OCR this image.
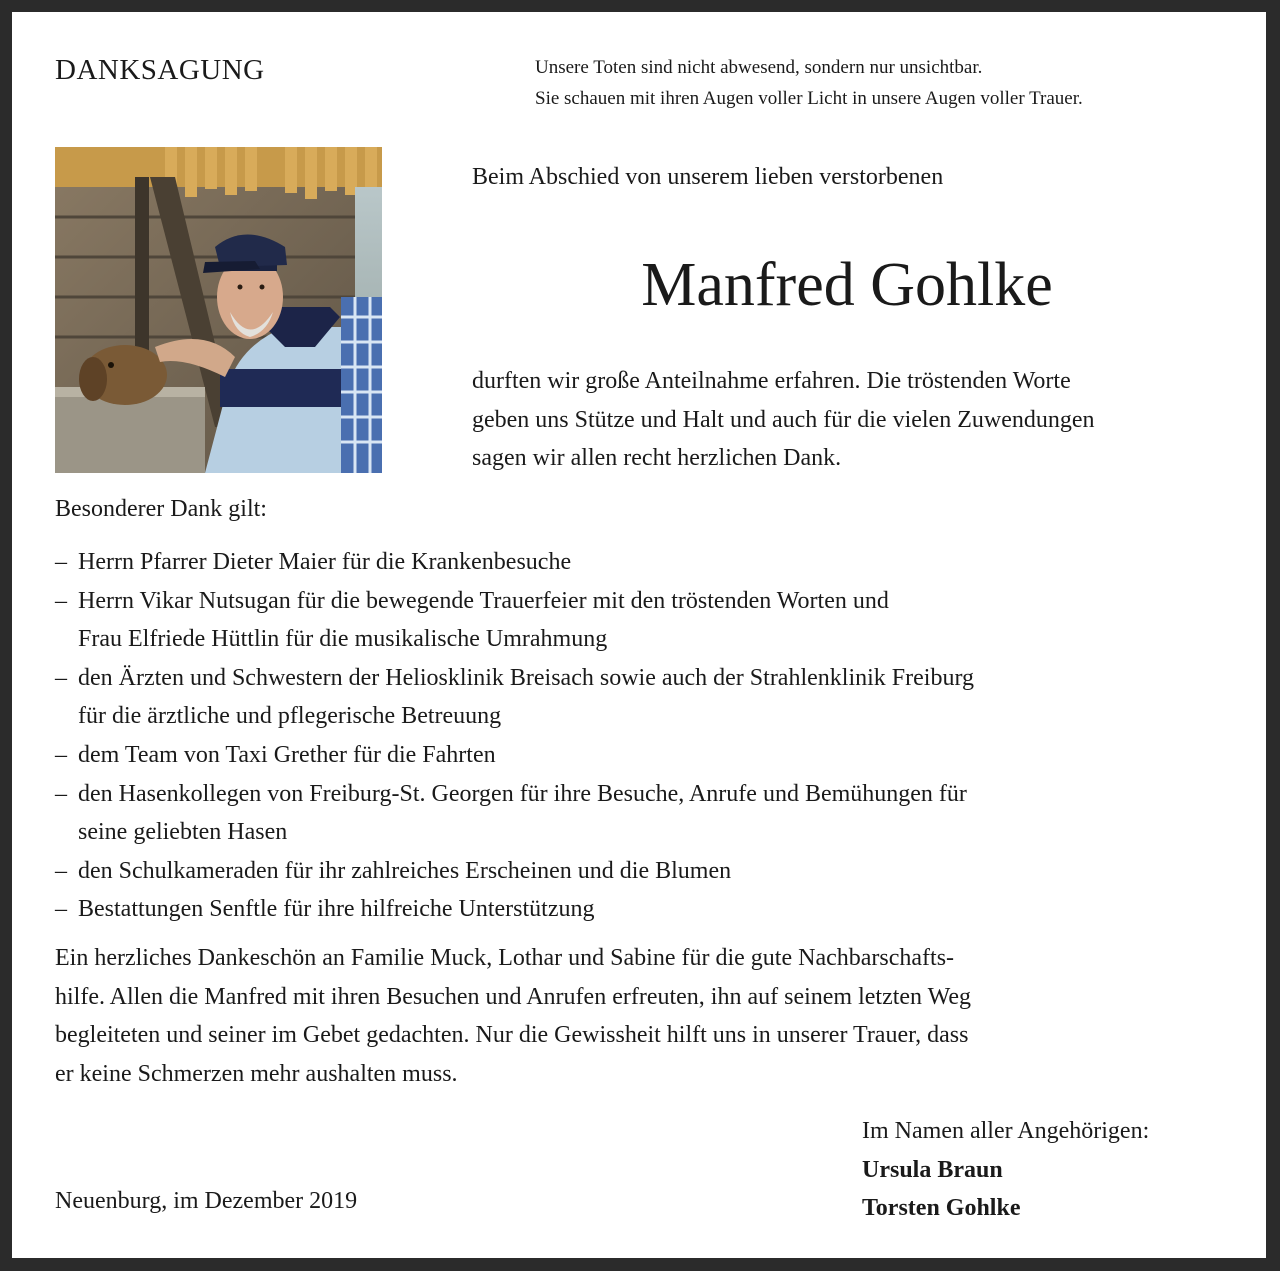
DANKSAGUNG	Unsere Toten sind nicht abwesend, sondern nur unsichtbar.
Sie schauen mit ihren Augen voller Licht in unsere Augen voller Trauer.
Beim Abschied von unserem lieben verstorbenen
Manfred Gohlke
durften wir große Anteilnahme erfahren. Die tröstenden Worte
geben uns Stütze und Halt und auch für die vielen Zuwendungen
sagen wir allen recht herzlichen Dank.
Besonderer Dank gilt:
– Herrn Pfarrer Dieter Maier für die Krankenbesuche
– Herrn Vikar Nutsugan für die bewegende Trauerfeier mit den tröstenden Worten und
Frau Elfriede Hüttlin für die musikalische Umrahmung
– den Ärzten und Schwestern der Heliosklinik Breisach sowie auch der Strahlenklinik Freiburg
für die ärztliche und pflegerische Betreuung
– dem Team von Taxi Grether für die Fahrten
– den Hasenkollegen von Freiburg-St. Georgen für ihre Besuche, Anrufe und Bemühungen für
seine geliebten Hasen
– den Schulkameraden für ihr zahlreiches Erscheinen und die Blumen
– Bestattungen Senftle für ihre hilfreiche Unterstützung
Ein herzliches Dankeschön an Familie Muck, Lothar und Sabine für die gute Nachbarschafts-
hilfe. Allen die Manfred mit ihren Besuchen und Anrufen erfreuten, ihn auf seinem letzten Weg
begleiteten und seiner im Gebet gedachten. Nur die Gewissheit hilft uns in unserer Trauer, dass
er keine Schmerzen mehr aushalten muss.
Neuenburg, im Dezember 2019
Im Namen aller Angehörigen:
Ursula Braun
Torsten Gohlke
